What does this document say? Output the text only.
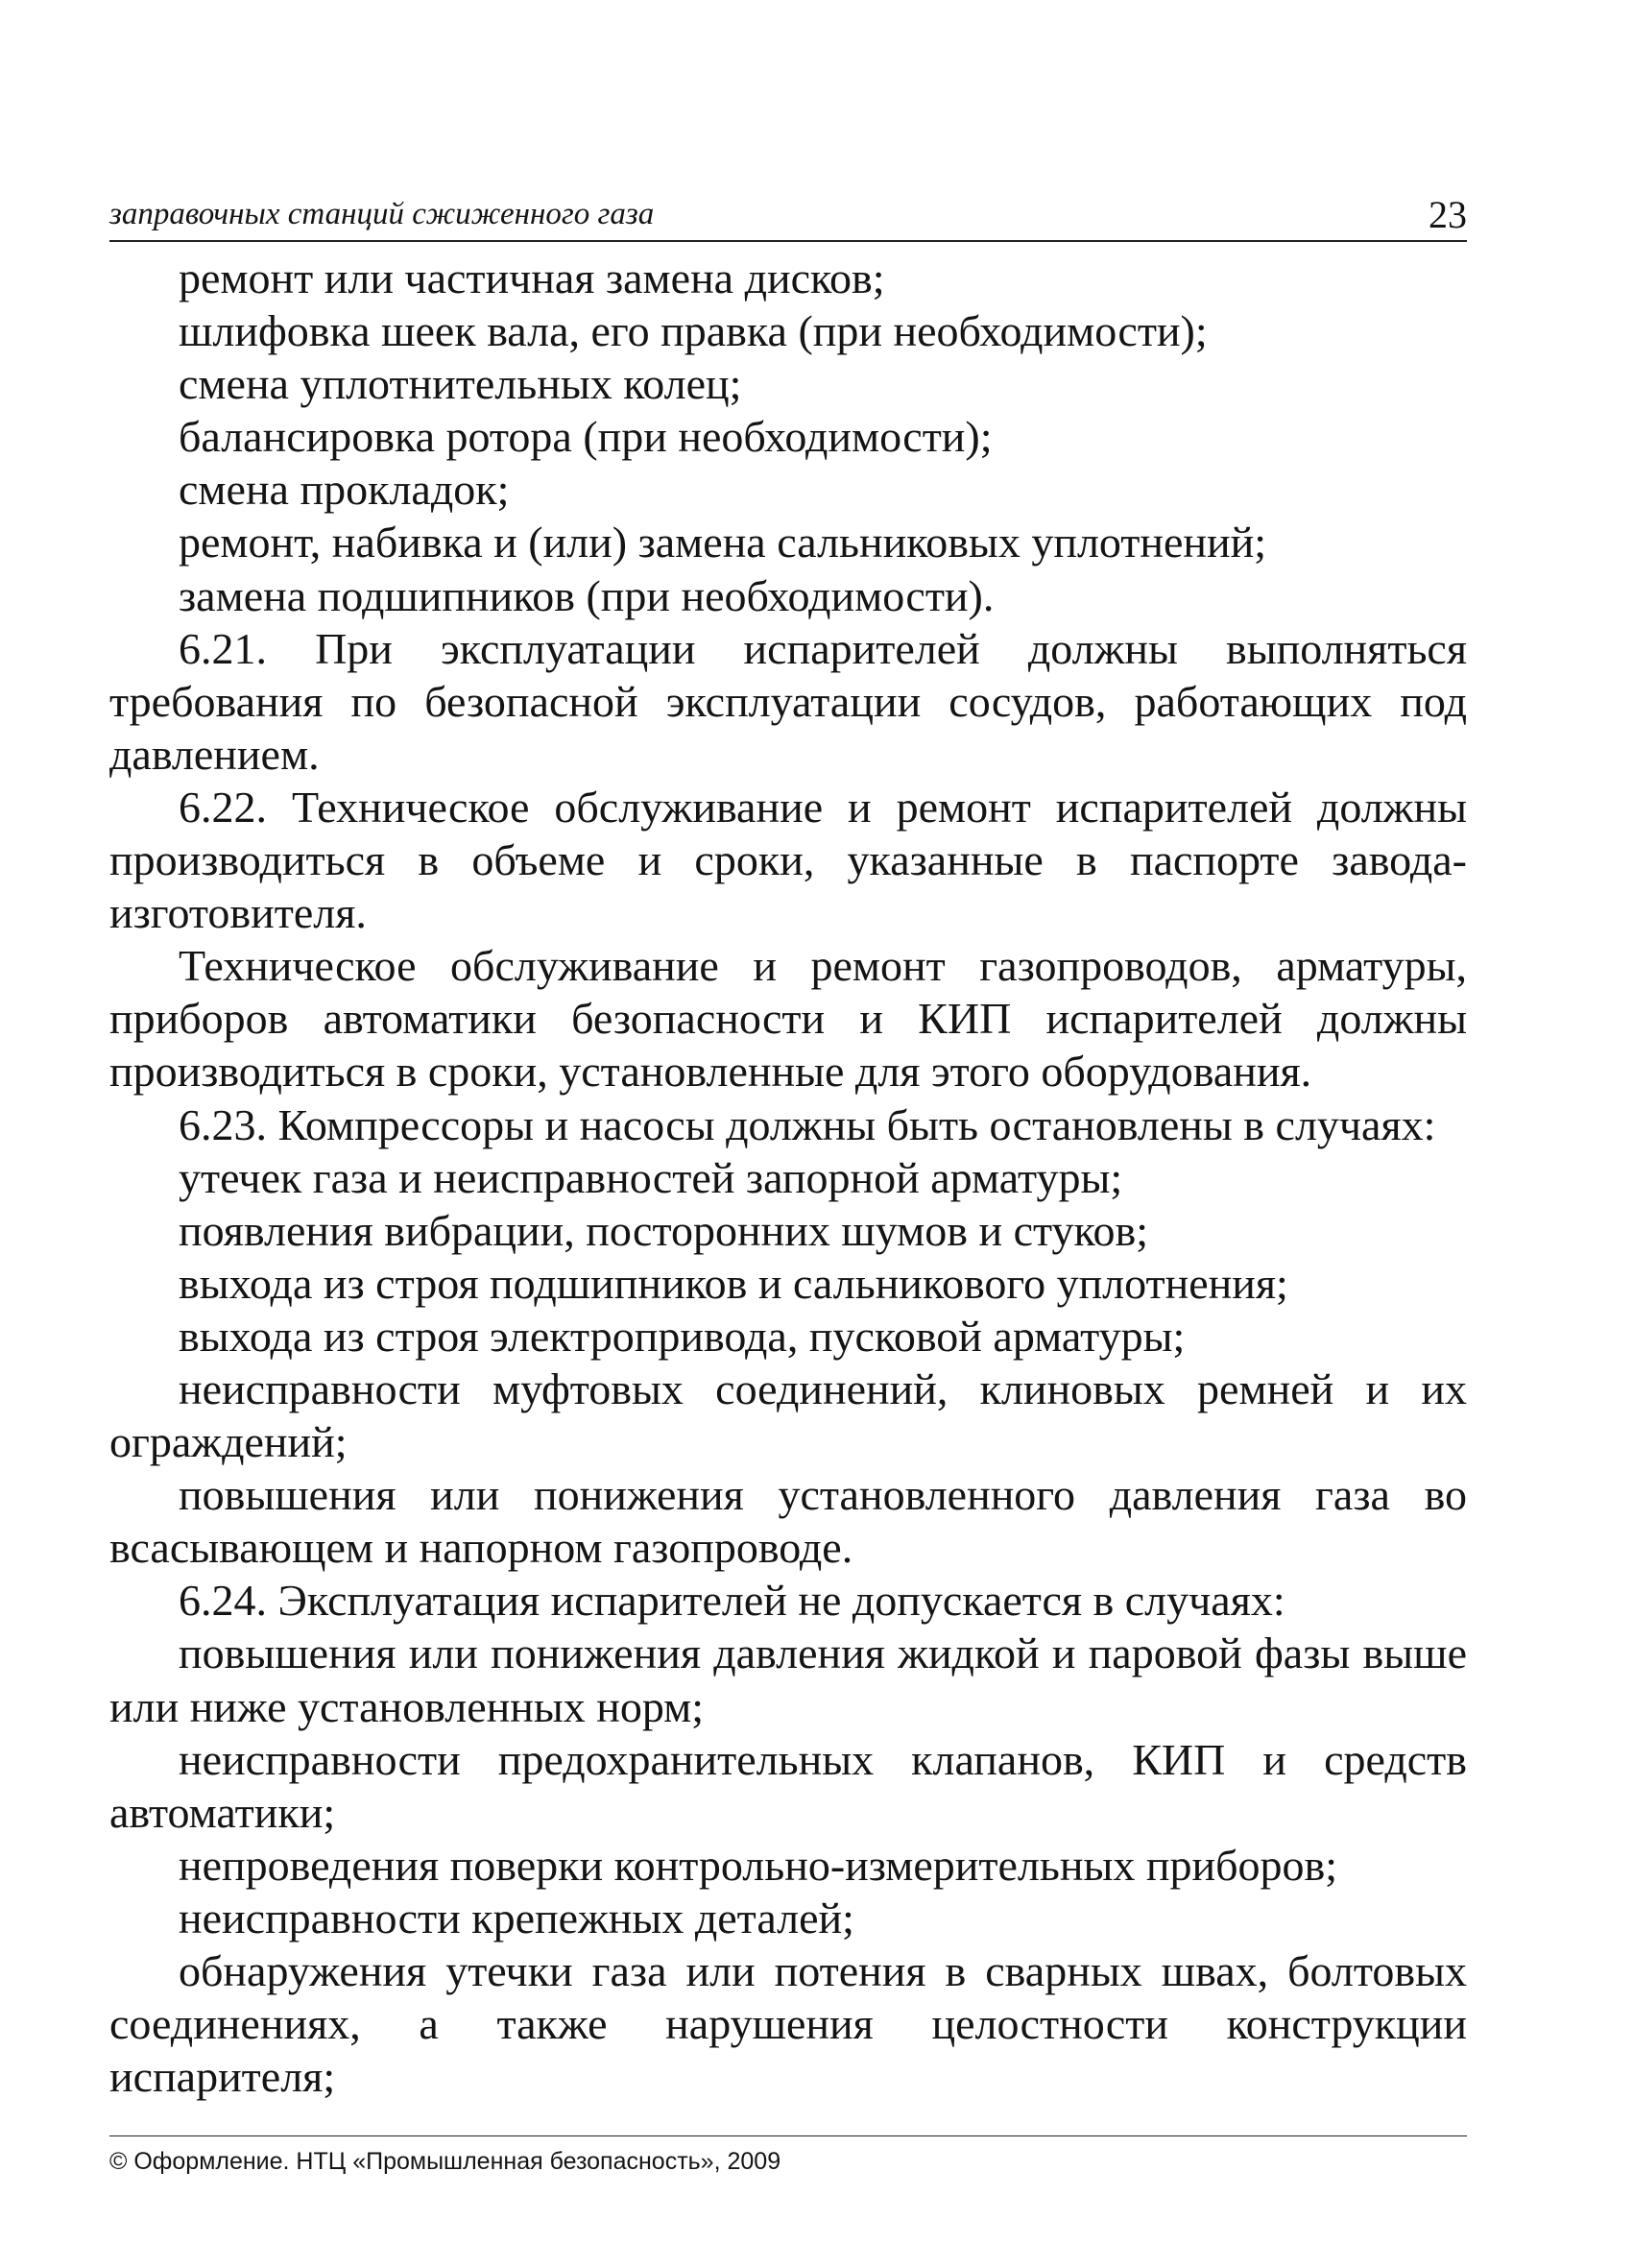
заправочных станций сжиженного газа	23

ремонт или частичная замена дисков;

шлифовка шеек вала, его правка (при необходимости);

смена уплотнительных колец;

балансировка ротора (при необходимости);

смена прокладок;

ремонт, набивка и (или) замена сальниковых уплотнений;

замена подшипников (при необходимости).

6.21. При эксплуатации испарителей должны выполняться требования по безопасной эксплуатации сосудов, работающих под давлением.

6.22. Техническое обслуживание и ремонт испарителей должны производиться в объеме и сроки, указанные в паспорте завода-изготовителя.

Техническое обслуживание и ремонт газопроводов, арматуры, приборов автоматики безопасности и КИП испарителей должны производиться в сроки, установленные для этого оборудования.

6.23. Компрессоры и насосы должны быть остановлены в случаях:

утечек газа и неисправностей запорной арматуры;

появления вибрации, посторонних шумов и стуков;

выхода из строя подшипников и сальникового уплотнения;

выхода из строя электропривода, пусковой арматуры;

неисправности муфтовых соединений, клиновых ремней и их ограждений;

повышения или понижения установленного давления газа во всасывающем и напорном газопроводе.

6.24. Эксплуатация испарителей не допускается в случаях:

повышения или понижения давления жидкой и паровой фазы выше или ниже установленных норм;

неисправности предохранительных клапанов, КИП и средств автоматики;

непроведения поверки контрольно-измерительных приборов;

неисправности крепежных деталей;

обнаружения утечки газа или потения в сварных швах, болтовых соединениях, а также нарушения целостности конструкции испарителя;

© Оформление. НТЦ «Промышленная безопасность», 2009
